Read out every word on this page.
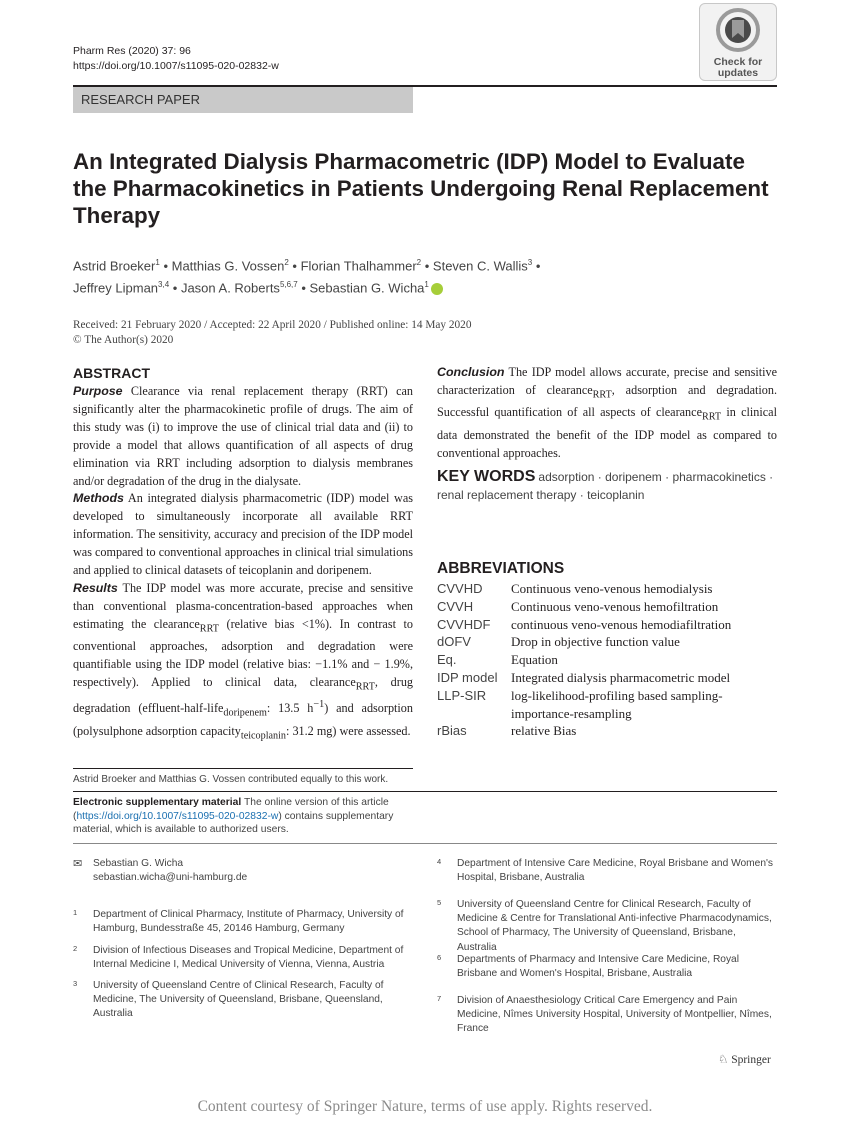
Pharm Res (2020) 37: 96
https://doi.org/10.1007/s11095-020-02832-w	Check for
updates
RESEARCH PAPER
An Integrated Dialysis Pharmacometric (IDP) Model to Evaluate the Pharmacokinetics in Patients Undergoing Renal Replacement Therapy
Astrid Broeker$^1$ • Matthias G. Vossen$^2$ • Florian Thalhammer$^2$ • Steven C. Wallis$^3$ •
Jeffrey Lipman$^{3,4}$ • Jason A. Roberts$^{5,6,7}$ • Sebastian G. Wicha$^1$
Received: 21 February 2020 / Accepted: 22 April 2020 / Published online: 14 May 2020
© The Author(s) 2020
ABSTRACT

Purpose Clearance via renal replacement therapy (RRT) can significantly alter the pharmacokinetic profile of drugs. The aim of this study was (i) to improve the use of clinical trial data and (ii) to provide a model that allows quantification of all aspects of drug elimination via RRT including adsorption to dialysis membranes and/or degradation of the drug in the dialysate.

Methods An integrated dialysis pharmacometric (IDP) model was developed to simultaneously incorporate all available RRT information. The sensitivity, accuracy and precision of the IDP model was compared to conventional approaches in clinical trial simulations and applied to clinical datasets of teicoplanin and doripenem.

Results The IDP model was more accurate, precise and sensitive than conventional plasma-concentration-based approaches when estimating the clearance$_{RRT}$ (relative bias <1%). In contrast to conventional approaches, adsorption and degradation were quantifiable using the IDP model (relative bias: −1.1% and − 1.9%, respectively). Applied to clinical data, clearance$_{RRT}$, drug degradation (effluent-half-life$_{doripenem}$: 13.5 $h^{-1}$) and adsorption (polysulphone adsorption capacity$_{teicoplanin}$: 31.2 mg) were assessed.

Conclusion The IDP model allows accurate, precise and sensitive characterization of clearance$_{RRT}$, adsorption and degradation. Successful quantification of all aspects of clearance$_{RRT}$ in clinical data demonstrated the benefit of the IDP model as compared to conventional approaches.

KEY WORDS adsorption · doripenem · pharmacokinetics · renal replacement therapy · teicoplanin
ABBREVIATIONS
CVVHD	Continuous veno-venous hemodialysis
CVVH	Continuous veno-venous hemofiltration
CVVHDF	continuous veno-venous hemodiafiltration
dOFV	Drop in objective function value
Eq.	Equation
IDP model	Integrated dialysis pharmacometric model
LLP-SIR	log-likelihood-profiling based sampling-importance-resampling
rBias	relative Bias
Astrid Broeker and Matthias G. Vossen contributed equally to this work.
Electronic supplementary material The online version of this article (https://doi.org/10.1007/s11095-020-02832-w) contains supplementary material, which is available to authorized users.
✉ Sebastian G. Wicha
sebastian.wicha@uni-hamburg.de
1 Department of Clinical Pharmacy, Institute of Pharmacy, University of Hamburg, Bundesstraße 45, 20146 Hamburg, Germany
2 Division of Infectious Diseases and Tropical Medicine, Department of Internal Medicine I, Medical University of Vienna, Vienna, Austria
3 University of Queensland Centre of Clinical Research, Faculty of Medicine, The University of Queensland, Brisbane, Queensland, Australia
4 Department of Intensive Care Medicine, Royal Brisbane and Women's Hospital, Brisbane, Australia
5 University of Queensland Centre for Clinical Research, Faculty of Medicine & Centre for Translational Anti-infective Pharmacodynamics, School of Pharmacy, The University of Queensland, Brisbane, Australia
6 Departments of Pharmacy and Intensive Care Medicine, Royal Brisbane and Women's Hospital, Brisbane, Australia
7 Division of Anaesthesiology Critical Care Emergency and Pain Medicine, Nîmes University Hospital, University of Montpellier, Nîmes, France
♘ Springer
Content courtesy of Springer Nature, terms of use apply. Rights reserved.
